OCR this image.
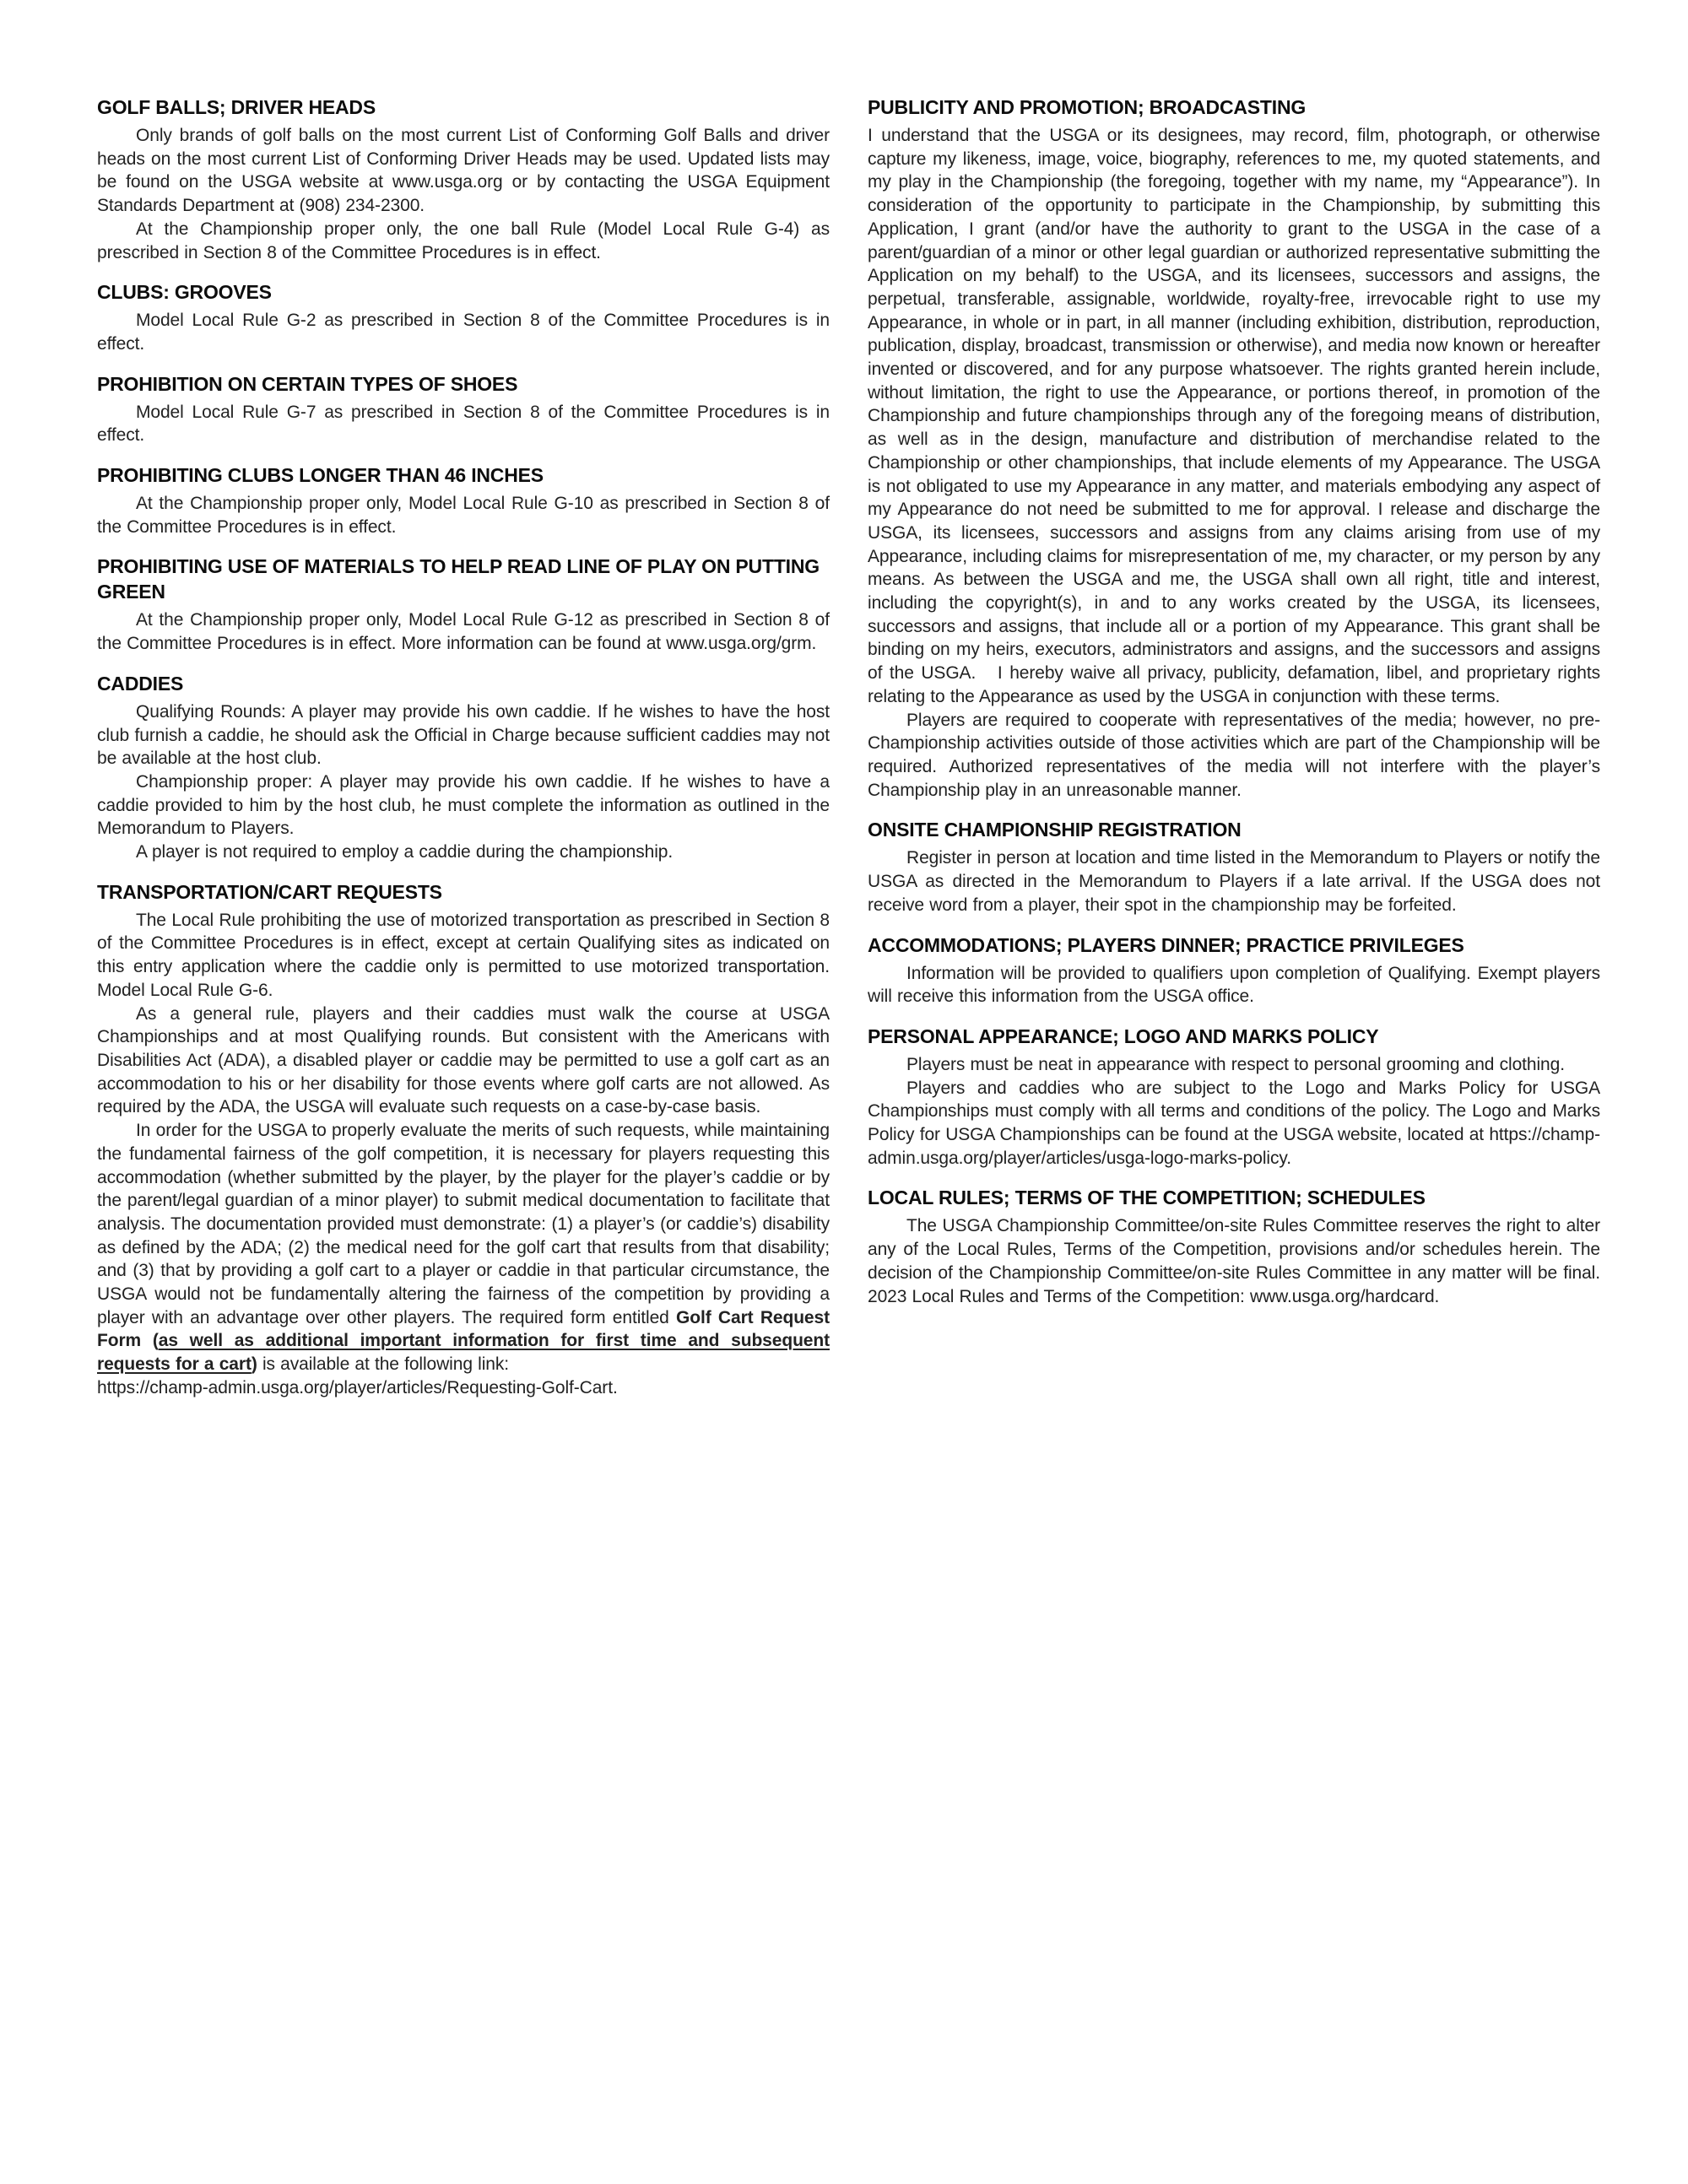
GOLF BALLS; DRIVER HEADS

Only brands of golf balls on the most current List of Conforming Golf Balls and driver heads on the most current List of Conforming Driver Heads may be used. Updated lists may be found on the USGA website at www.usga.org or by contacting the USGA Equipment Standards Department at (908) 234-2300.

At the Championship proper only, the one ball Rule (Model Local Rule G-4) as prescribed in Section 8 of the Committee Procedures is in effect.

CLUBS: GROOVES

Model Local Rule G-2 as prescribed in Section 8 of the Committee Procedures is in effect.

PROHIBITION ON CERTAIN TYPES OF SHOES

Model Local Rule G-7 as prescribed in Section 8 of the Committee Procedures is in effect.

PROHIBITING CLUBS LONGER THAN 46 INCHES

At the Championship proper only, Model Local Rule G-10 as prescribed in Section 8 of the Committee Procedures is in effect.

PROHIBITING USE OF MATERIALS TO HELP READ LINE OF PLAY ON PUTTING GREEN

At the Championship proper only, Model Local Rule G-12 as prescribed in Section 8 of the Committee Procedures is in effect. More information can be found at www.usga.org/grm.

CADDIES

Qualifying Rounds: A player may provide his own caddie. If he wishes to have the host club furnish a caddie, he should ask the Official in Charge because sufficient caddies may not be available at the host club.

Championship proper: A player may provide his own caddie. If he wishes to have a caddie provided to him by the host club, he must complete the information as outlined in the Memorandum to Players.

A player is not required to employ a caddie during the championship.

TRANSPORTATION/CART REQUESTS

The Local Rule prohibiting the use of motorized transportation as prescribed in Section 8 of the Committee Procedures is in effect, except at certain Qualifying sites as indicated on this entry application where the caddie only is permitted to use motorized transportation. Model Local Rule G-6.

As a general rule, players and their caddies must walk the course at USGA Championships and at most Qualifying rounds. But consistent with the Americans with Disabilities Act (ADA), a disabled player or caddie may be permitted to use a golf cart as an accommodation to his or her disability for those events where golf carts are not allowed. As required by the ADA, the USGA will evaluate such requests on a case-by-case basis.

In order for the USGA to properly evaluate the merits of such requests, while maintaining the fundamental fairness of the golf competition, it is necessary for players requesting this accommodation (whether submitted by the player, by the player for the player’s caddie or by the parent/legal guardian of a minor player) to submit medical documentation to facilitate that analysis. The documentation provided must demonstrate: (1) a player’s (or caddie’s) disability as defined by the ADA; (2) the medical need for the golf cart that results from that disability; and (3) that by providing a golf cart to a player or caddie in that particular circumstance, the USGA would not be fundamentally altering the fairness of the competition by providing a player with an advantage over other players. The required form entitled Golf Cart Request Form (as well as additional important information for first time and subsequent requests for a cart) is available at the following link:

https://champ-admin.usga.org/player/articles/Requesting-Golf-Cart.

PUBLICITY AND PROMOTION; BROADCASTING

I understand that the USGA or its designees, may record, film, photograph, or otherwise capture my likeness, image, voice, biography, references to me, my quoted statements, and my play in the Championship (the foregoing, together with my name, my “Appearance”). In consideration of the opportunity to participate in the Championship, by submitting this Application, I grant (and/or have the authority to grant to the USGA in the case of a parent/guardian of a minor or other legal guardian or authorized representative submitting the Application on my behalf) to the USGA, and its licensees, successors and assigns, the perpetual, transferable, assignable, worldwide, royalty-free, irrevocable right to use my Appearance, in whole or in part, in all manner (including exhibition, distribution, reproduction, publication, display, broadcast, transmission or otherwise), and media now known or hereafter invented or discovered, and for any purpose whatsoever. The rights granted herein include, without limitation, the right to use the Appearance, or portions thereof, in promotion of the Championship and future championships through any of the foregoing means of distribution, as well as in the design, manufacture and distribution of merchandise related to the Championship or other championships, that include elements of my Appearance. The USGA is not obligated to use my Appearance in any matter, and materials embodying any aspect of my Appearance do not need be submitted to me for approval. I release and discharge the USGA, its licensees, successors and assigns from any claims arising from use of my Appearance, including claims for misrepresentation of me, my character, or my person by any means. As between the USGA and me, the USGA shall own all right, title and interest, including the copyright(s), in and to any works created by the USGA, its licensees, successors and assigns, that include all or a portion of my Appearance. This grant shall be binding on my heirs, executors, administrators and assigns, and the successors and assigns of the USGA.   I hereby waive all privacy, publicity, defamation, libel, and proprietary rights relating to the Appearance as used by the USGA in conjunction with these terms.

Players are required to cooperate with representatives of the media; however, no pre-Championship activities outside of those activities which are part of the Championship will be required. Authorized representatives of the media will not interfere with the player’s Championship play in an unreasonable manner.

ONSITE CHAMPIONSHIP REGISTRATION

Register in person at location and time listed in the Memorandum to Players or notify the USGA as directed in the Memorandum to Players if a late arrival. If the USGA does not receive word from a player, their spot in the championship may be forfeited.

ACCOMMODATIONS; PLAYERS DINNER; PRACTICE PRIVILEGES

Information will be provided to qualifiers upon completion of Qualifying. Exempt players will receive this information from the USGA office.

PERSONAL APPEARANCE; LOGO AND MARKS POLICY

Players must be neat in appearance with respect to personal grooming and clothing.

Players and caddies who are subject to the Logo and Marks Policy for USGA Championships must comply with all terms and conditions of the policy. The Logo and Marks Policy for USGA Championships can be found at the USGA website, located at https://champ-admin.usga.org/player/articles/usga-logo-marks-policy.

LOCAL RULES; TERMS OF THE COMPETITION; SCHEDULES

The USGA Championship Committee/on-site Rules Committee reserves the right to alter any of the Local Rules, Terms of the Competition, provisions and/or schedules herein. The decision of the Championship Committee/on-site Rules Committee in any matter will be final. 2023 Local Rules and Terms of the Competition: www.usga.org/hardcard.
